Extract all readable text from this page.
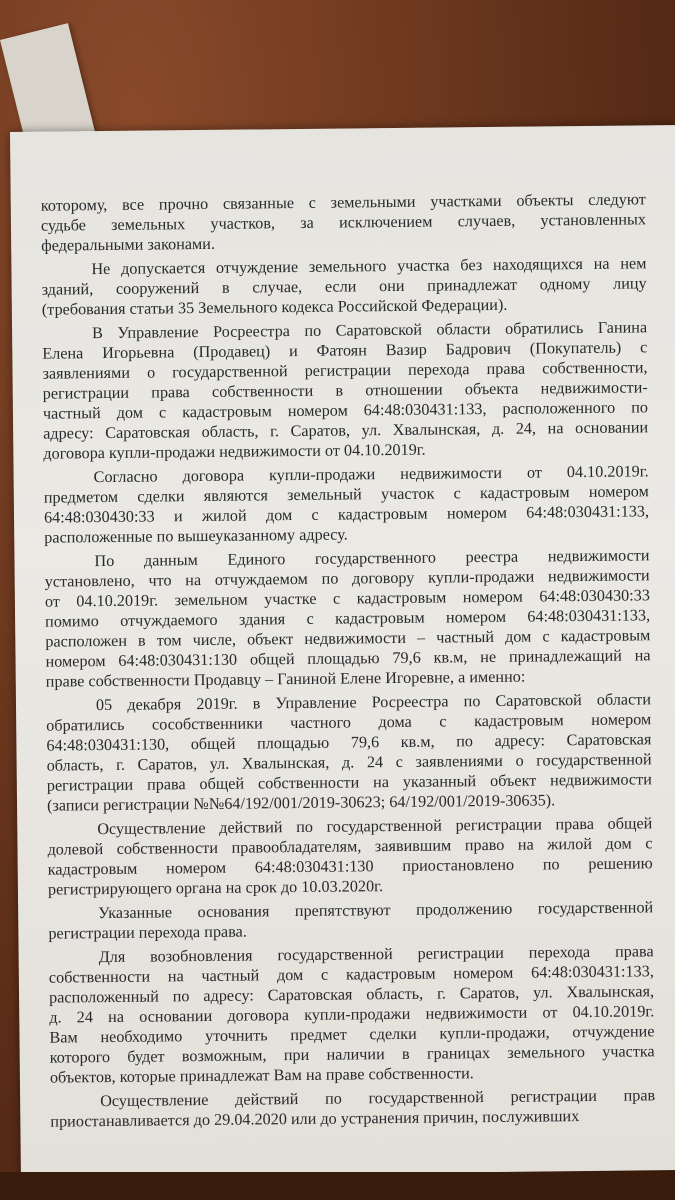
которому, все прочно связанные с земельными участками объекты следуют
судьбе земельных участков, за исключением случаев, установленных
федеральными законами.
Не допускается отчуждение земельного участка без находящихся на нем
зданий, сооружений в случае, если они принадлежат одному лицу
(требования статьи 35 Земельного кодекса Российской Федерации).
В Управление Росреестра по Саратовской области обратились Ганина
Елена Игорьевна (Продавец) и Фатоян Вазир Бадрович (Покупатель) с
заявлениями о государственной регистрации перехода права собственности,
регистрации права собственности в отношении объекта недвижимости-
частный дом с кадастровым номером 64:48:030431:133, расположенного по
адресу: Саратовская область, г. Саратов, ул. Хвалынская, д. 24, на основании
договора купли-продажи недвижимости от 04.10.2019г.
Согласно договора купли-продажи недвижимости от 04.10.2019г.
предметом сделки являются земельный участок с кадастровым номером
64:48:030430:33 и жилой дом с кадастровым номером 64:48:030431:133,
расположенные по вышеуказанному адресу.
По данным Единого государственного реестра недвижимости
установлено, что на отчуждаемом по договору купли-продажи недвижимости
от 04.10.2019г. земельном участке с кадастровым номером 64:48:030430:33
помимо отчуждаемого здания с кадастровым номером 64:48:030431:133,
расположен в том числе, объект недвижимости – частный дом с кадастровым
номером 64:48:030431:130 общей площадью 79,6 кв.м, не принадлежащий на
праве собственности Продавцу – Ганиной Елене Игоревне, а именно:
05 декабря 2019г. в Управление Росреестра по Саратовской области
обратились сособственники частного дома с кадастровым номером
64:48:030431:130, общей площадью 79,6 кв.м, по адресу: Саратовская
область, г. Саратов, ул. Хвалынская, д. 24 с заявлениями о государственной
регистрации права общей собственности на указанный объект недвижимости
(записи регистрации №№64/192/001/2019-30623; 64/192/001/2019-30635).
Осуществление действий по государственной регистрации права общей
долевой собственности правообладателям, заявившим право на жилой дом с
кадастровым номером 64:48:030431:130 приостановлено по решению
регистрирующего органа на срок до 10.03.2020г.
Указанные основания препятствуют продолжению государственной
регистрации перехода права.
Для возобновления государственной регистрации перехода права
собственности на частный дом с кадастровым номером 64:48:030431:133,
расположенный по адресу: Саратовская область, г. Саратов, ул. Хвалынская,
д. 24 на основании договора купли-продажи недвижимости от 04.10.2019г.
Вам необходимо уточнить предмет сделки купли-продажи, отчуждение
которого будет возможным, при наличии в границах земельного участка
объектов, которые принадлежат Вам на праве собственности.
Осуществление действий по государственной регистрации прав
приостанавливается до 29.04.2020 или до устранения причин, послуживших
